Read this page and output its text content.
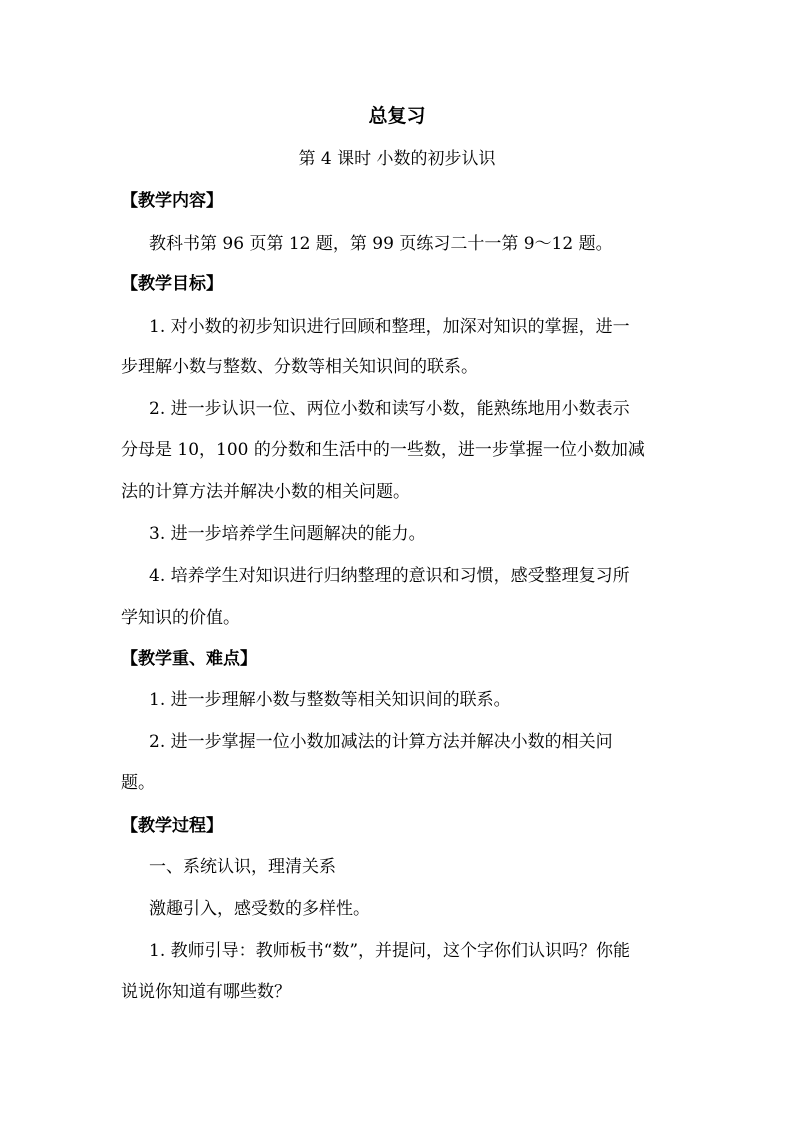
总复习
第 4 课时 小数的初步认识
【教学内容】
教科书第 96 页第 12 题，第 99 页练习二十一第 9～12 题。
【教学目标】
1. 对小数的初步知识进行回顾和整理，加深对知识的掌握，进一
步理解小数与整数、分数等相关知识间的联系。
2. 进一步认识一位、两位小数和读写小数，能熟练地用小数表示
分母是 10，100 的分数和生活中的一些数，进一步掌握一位小数加减
法的计算方法并解决小数的相关问题。
3. 进一步培养学生问题解决的能力。
4. 培养学生对知识进行归纳整理的意识和习惯，感受整理复习所
学知识的价值。
【教学重、难点】
1. 进一步理解小数与整数等相关知识间的联系。
2. 进一步掌握一位小数加减法的计算方法并解决小数的相关问
题。
【教学过程】
一、系统认识，理清关系
激趣引入，感受数的多样性。
1. 教师引导：教师板书“数”，并提问，这个字你们认识吗？你能
说说你知道有哪些数？
